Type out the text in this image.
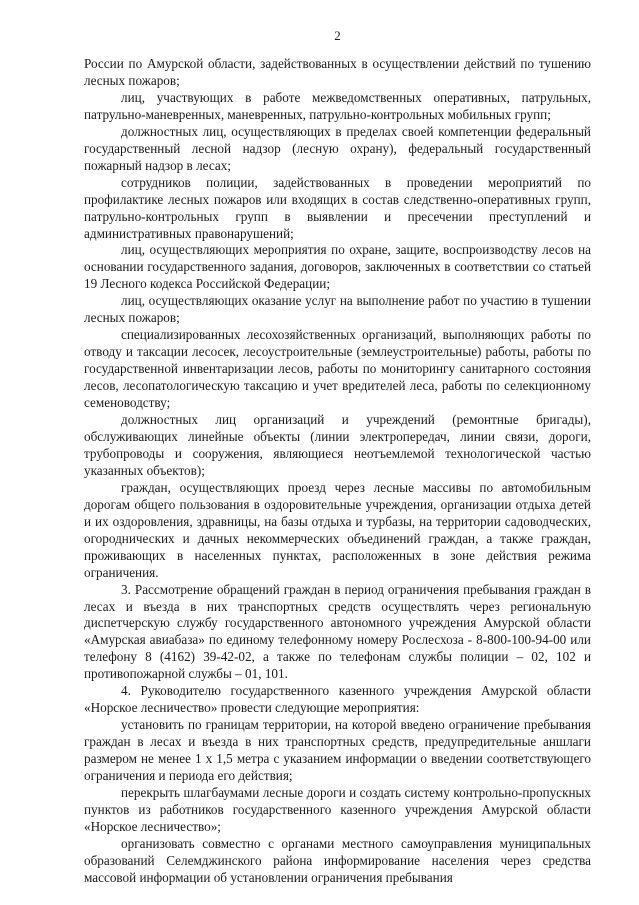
2

России по Амурской области, задействованных в осуществлении действий по тушению лесных пожаров;

лиц, участвующих в работе межведомственных оперативных, патрульных, патрульно-маневренных, маневренных, патрульно-контрольных мобильных групп;

должностных лиц, осуществляющих в пределах своей компетенции федеральный государственный лесной надзор (лесную охрану), федеральный государственный пожарный надзор в лесах;

сотрудников полиции, задействованных в проведении мероприятий по профилактике лесных пожаров или входящих в состав следственно-оперативных групп, патрульно-контрольных групп в выявлении и пресечении преступлений и административных правонарушений;

лиц, осуществляющих мероприятия по охране, защите, воспроизводству лесов на основании государственного задания, договоров, заключенных в соответствии со статьей 19 Лесного кодекса Российской Федерации;

лиц, осуществляющих оказание услуг на выполнение работ по участию в тушении лесных пожаров;

специализированных лесохозяйственных организаций, выполняющих работы по отводу и таксации лесосек, лесоустроительные (землеустроительные) работы, работы по государственной инвентаризации лесов, работы по мониторингу санитарного состояния лесов, лесопатологическую таксацию и учет вредителей леса, работы по селекционному семеноводству;

должностных лиц организаций и учреждений (ремонтные бригады), обслуживающих линейные объекты (линии электропередач, линии связи, дороги, трубопроводы и сооружения, являющиеся неотъемлемой технологической частью указанных объектов);

граждан, осуществляющих проезд через лесные массивы по автомобильным дорогам общего пользования в оздоровительные учреждения, организации отдыха детей и их оздоровления, здравницы, на базы отдыха и турбазы, на территории садоводческих, огороднических и дачных некоммерческих объединений граждан, а также граждан, проживающих в населенных пунктах, расположенных в зоне действия режима ограничения.

3. Рассмотрение обращений граждан в период ограничения пребывания граждан в лесах и въезда в них транспортных средств осуществлять через региональную диспетчерскую службу государственного автономного учреждения Амурской области «Амурская авиабаза» по единому телефонному номеру Рослесхоза - 8-800-100-94-00 или телефону 8 (4162) 39-42-02, а также по телефонам службы полиции – 02, 102 и противопожарной службы – 01, 101.

4. Руководителю государственного казенного учреждения Амурской области «Норское лесничество» провести следующие мероприятия:

установить по границам территории, на которой введено ограничение пребывания граждан в лесах и въезда в них транспортных средств, предупредительные аншлаги размером не менее 1 х 1,5 метра с указанием информации о введении соответствующего ограничения и периода его действия;

перекрыть шлагбаумами лесные дороги и создать систему контрольно-пропускных пунктов из работников государственного казенного учреждения Амурской области «Норское лесничество»;

организовать совместно с органами местного самоуправления муниципальных образований Селемджинского района информирование населения через средства массовой информации об установлении ограничения пребывания
